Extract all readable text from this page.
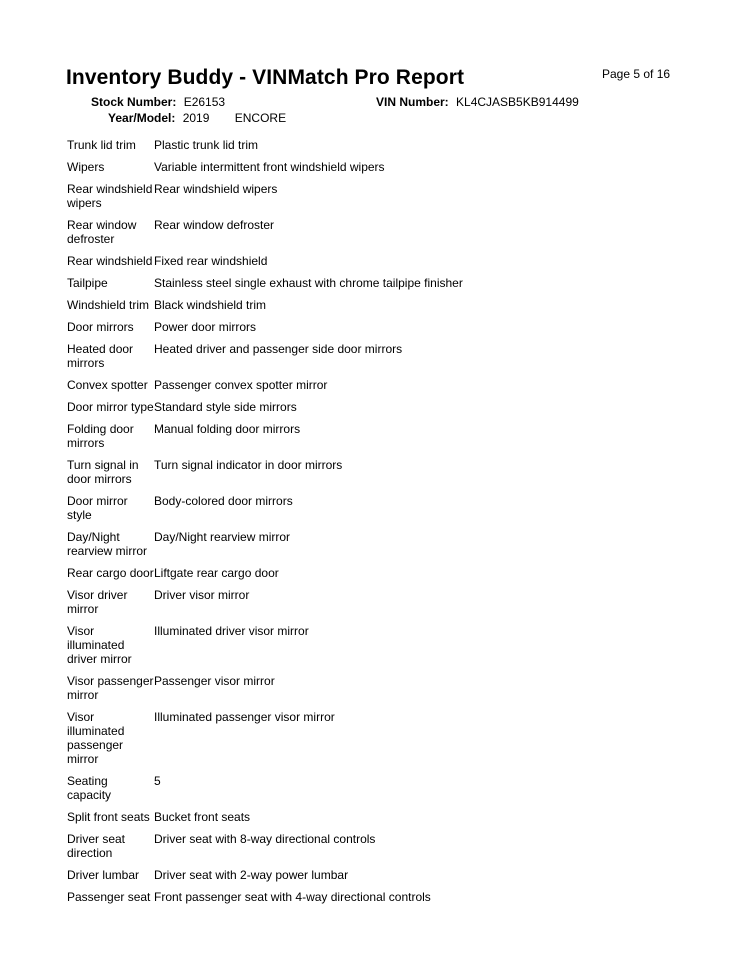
Inventory Buddy - VINMatch Pro Report	Page 5 of 16
Stock Number: E26153	VIN Number: KL4CJASB5KB914499
Year/Model: 2019 ENCORE
Trunk lid trim	Plastic trunk lid trim
Wipers	Variable intermittent front windshield wipers
Rear windshield wipers	Rear windshield wipers
Rear window defroster	Rear window defroster
Rear windshield	Fixed rear windshield
Tailpipe	Stainless steel single exhaust with chrome tailpipe finisher
Windshield trim	Black windshield trim
Door mirrors	Power door mirrors
Heated door mirrors	Heated driver and passenger side door mirrors
Convex spotter	Passenger convex spotter mirror
Door mirror type	Standard style side mirrors
Folding door mirrors	Manual folding door mirrors
Turn signal in door mirrors	Turn signal indicator in door mirrors
Door mirror style	Body-colored door mirrors
Day/Night rearview mirror	Day/Night rearview mirror
Rear cargo door	Liftgate rear cargo door
Visor driver mirror	Driver visor mirror
Visor illuminated driver mirror	Illuminated driver visor mirror
Visor passenger mirror	Passenger visor mirror
Visor illuminated passenger mirror	Illuminated passenger visor mirror
Seating capacity	5
Split front seats	Bucket front seats
Driver seat direction	Driver seat with 8-way directional controls
Driver lumbar	Driver seat with 2-way power lumbar
Passenger seat	Front passenger seat with 4-way directional controls
